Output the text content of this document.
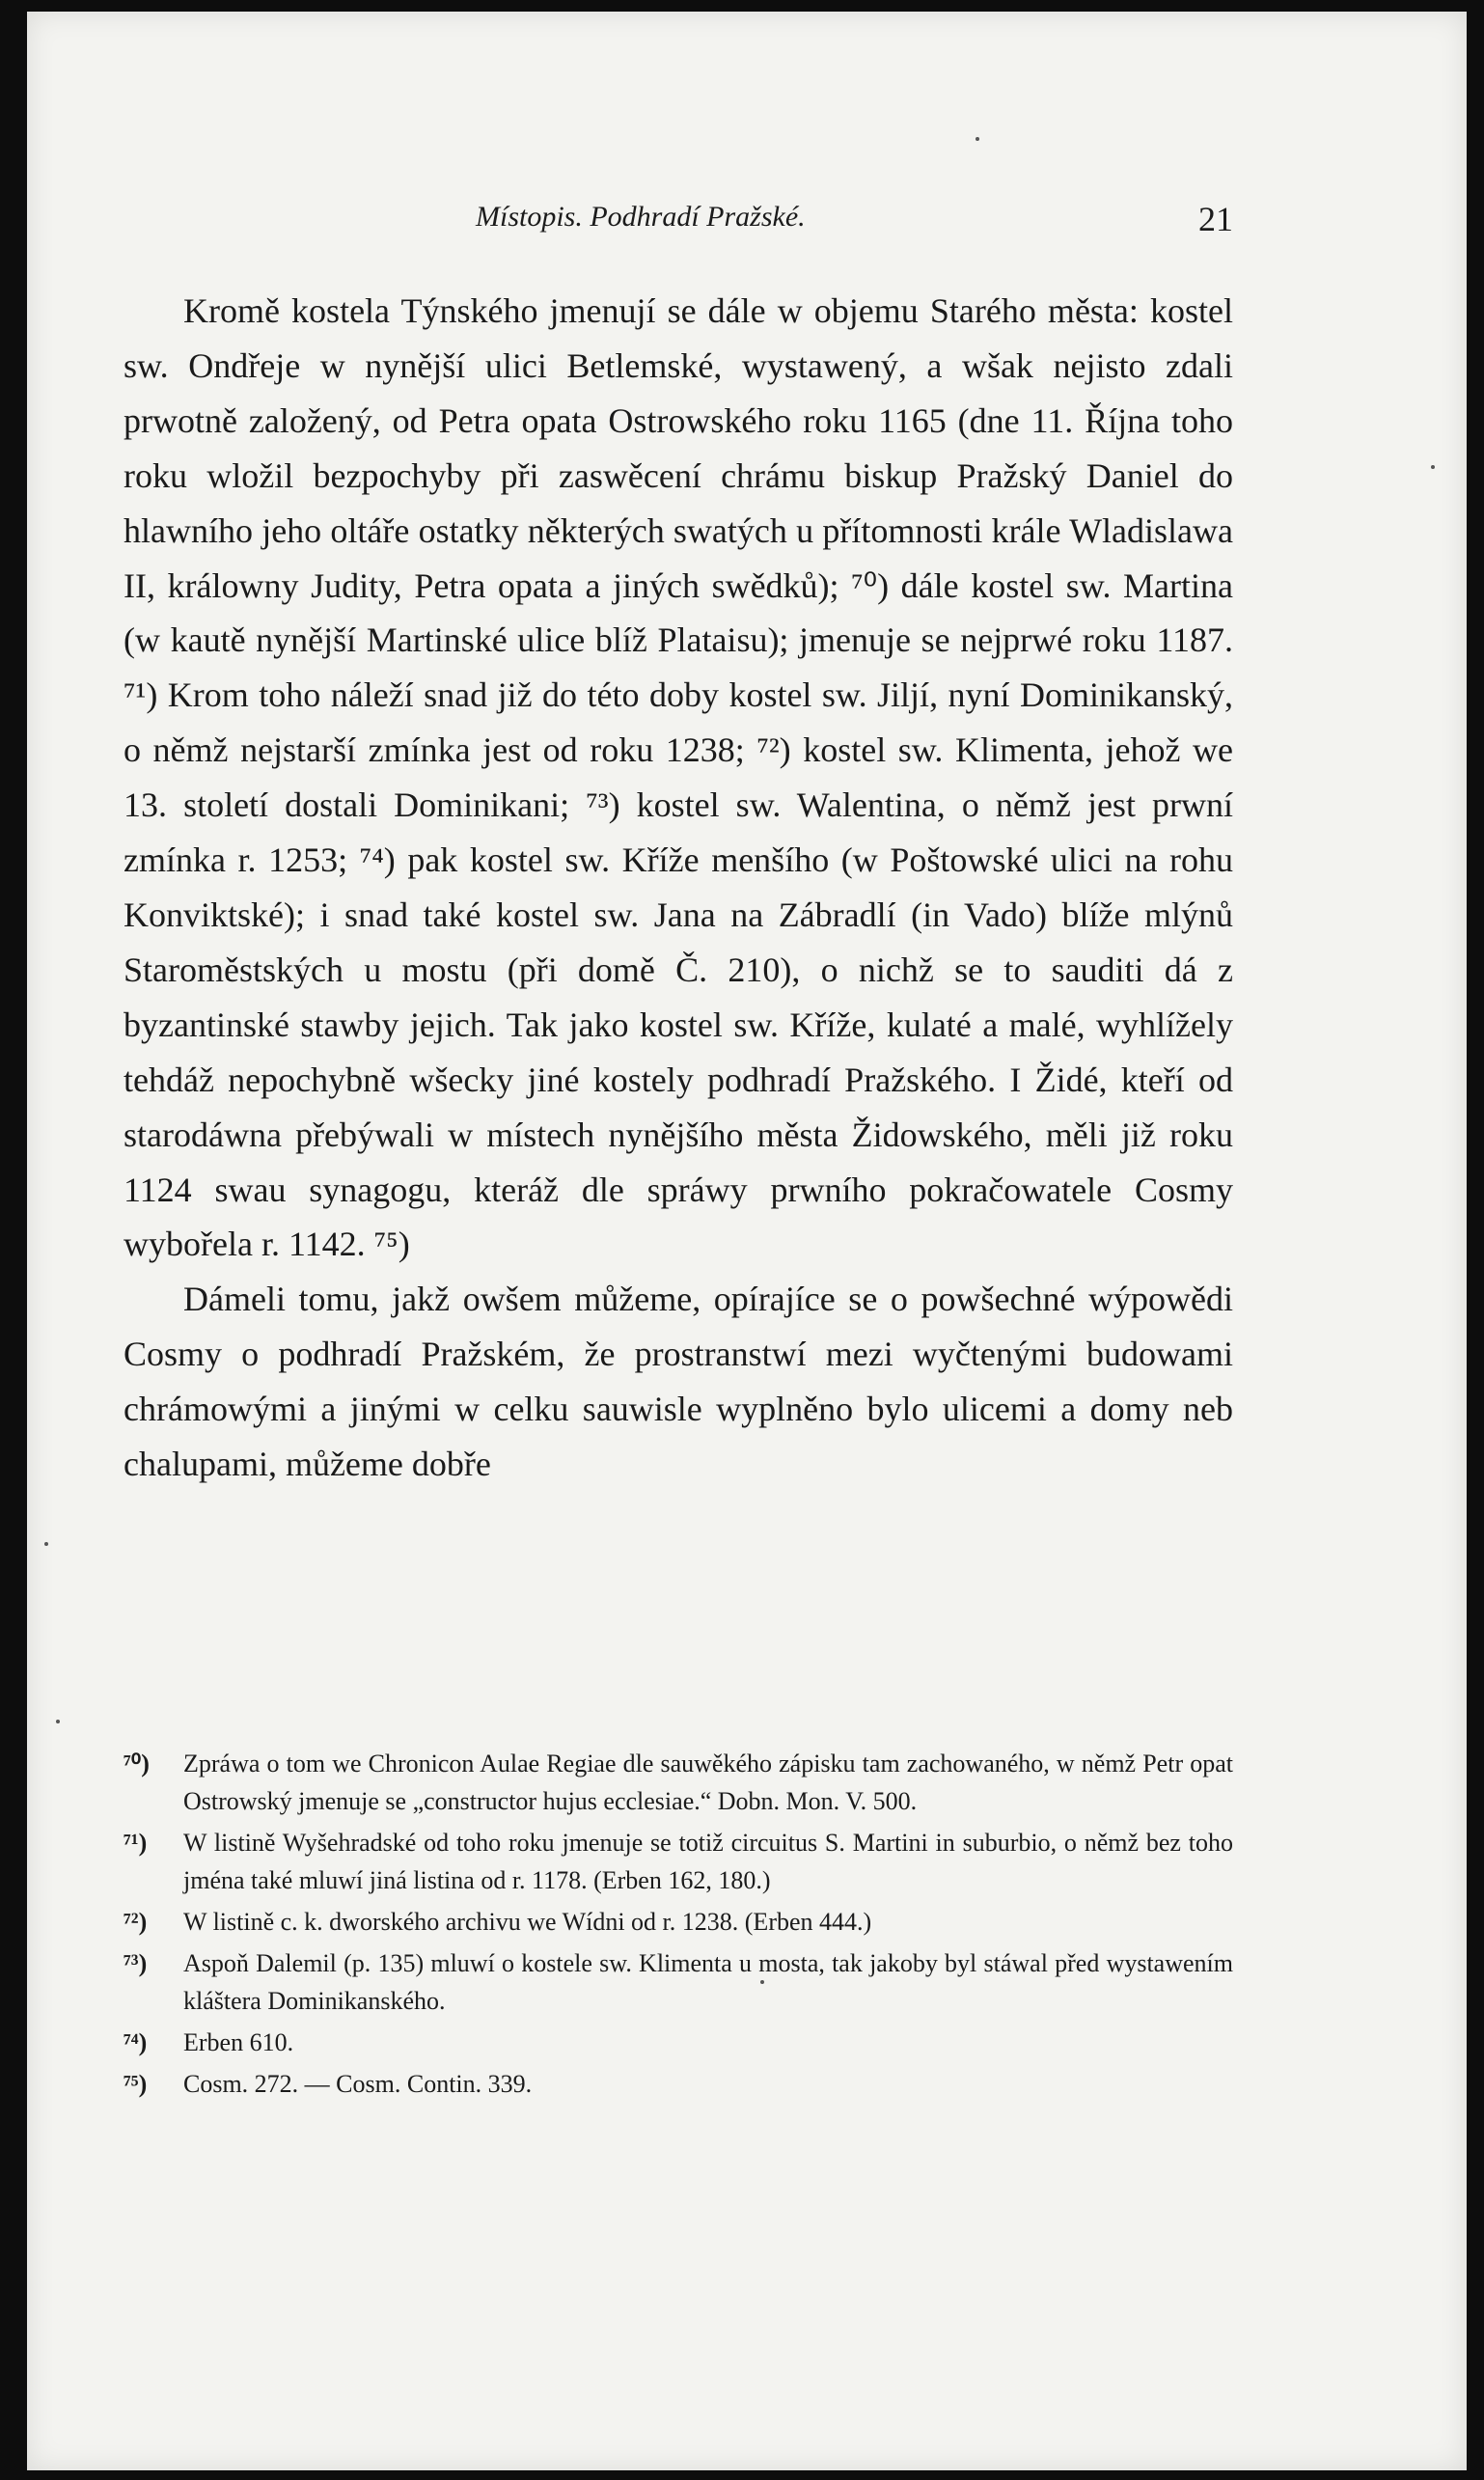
Místopis. Podhradí Pražské.	21

Kromě kostela Týnského jmenují se dále w objemu Starého města: kostel sw. Ondřeje w nynější ulici Betlemské, wystawený, a wšak nejisto zdali prwotně založený, od Petra opata Ostrowského roku 1165 (dne 11. Října toho roku wložil bezpochyby při zaswěcení chrámu biskup Pražský Daniel do hlawního jeho oltáře ostatky některých swatých u přítomnosti krále Wladislawa II, králowny Judity, Petra opata a jiných swědků); ⁷⁰) dále kostel sw. Martina (w kautě nynější Martinské ulice blíž Plataisu); jmenuje se nejprwé roku 1187. ⁷¹) Krom toho náleží snad již do této doby kostel sw. Jiljí, nyní Dominikanský, o němž nejstarší zmínka jest od roku 1238; ⁷²) kostel sw. Klimenta, jehož we 13. století dostali Dominikani; ⁷³) kostel sw. Walentina, o němž jest prwní zmínka r. 1253; ⁷⁴) pak kostel sw. Kříže menšího (w Poštowské ulici na rohu Konviktské); i snad také kostel sw. Jana na Zábradlí (in Vado) blíže mlýnů Staroměstských u mostu (při domě Č. 210), o nichž se to sauditi dá z byzantinské stawby jejich. Tak jako kostel sw. Kříže, kulaté a malé, wyhlížely tehdáž nepochybně wšecky jiné kostely podhradí Pražského. I Židé, kteří od starodáwna přebýwali w místech nynějšího města Židowského, měli již roku 1124 swau synagogu, kteráž dle spráwy prwního pokračowatele Cosmy wybořela r. 1142. ⁷⁵)

Dámeli tomu, jakž owšem můžeme, opírajíce se o powšechné wýpowědi Cosmy o podhradí Pražském, že prostranstwí mezi wyčtenými budowami chrámowými a jinými w celku sauwisle wyplněno bylo ulicemi a domy neb chalupami, můžeme dobře

⁷⁰) Zpráwa o tom we Chronicon Aulae Regiae dle sauwěkého zápisku tam zachowaného, w němž Petr opat Ostrowský jmenuje se „constructor hujus ecclesiae.“ Dobn. Mon. V. 500.
⁷¹) W listině Wyšehradské od toho roku jmenuje se totiž circuitus S. Martini in suburbio, o němž bez toho jména také mluwí jiná listina od r. 1178. (Erben 162, 180.)
⁷²) W listině c. k. dworského archivu we Wídni od r. 1238. (Erben 444.)
⁷³) Aspoň Dalemil (p. 135) mluwí o kostele sw. Klimenta u mosta, tak jakoby byl stáwal před wystawením kláštera Dominikanského.
⁷⁴) Erben 610.
⁷⁵) Cosm. 272. — Cosm. Contin. 339.
